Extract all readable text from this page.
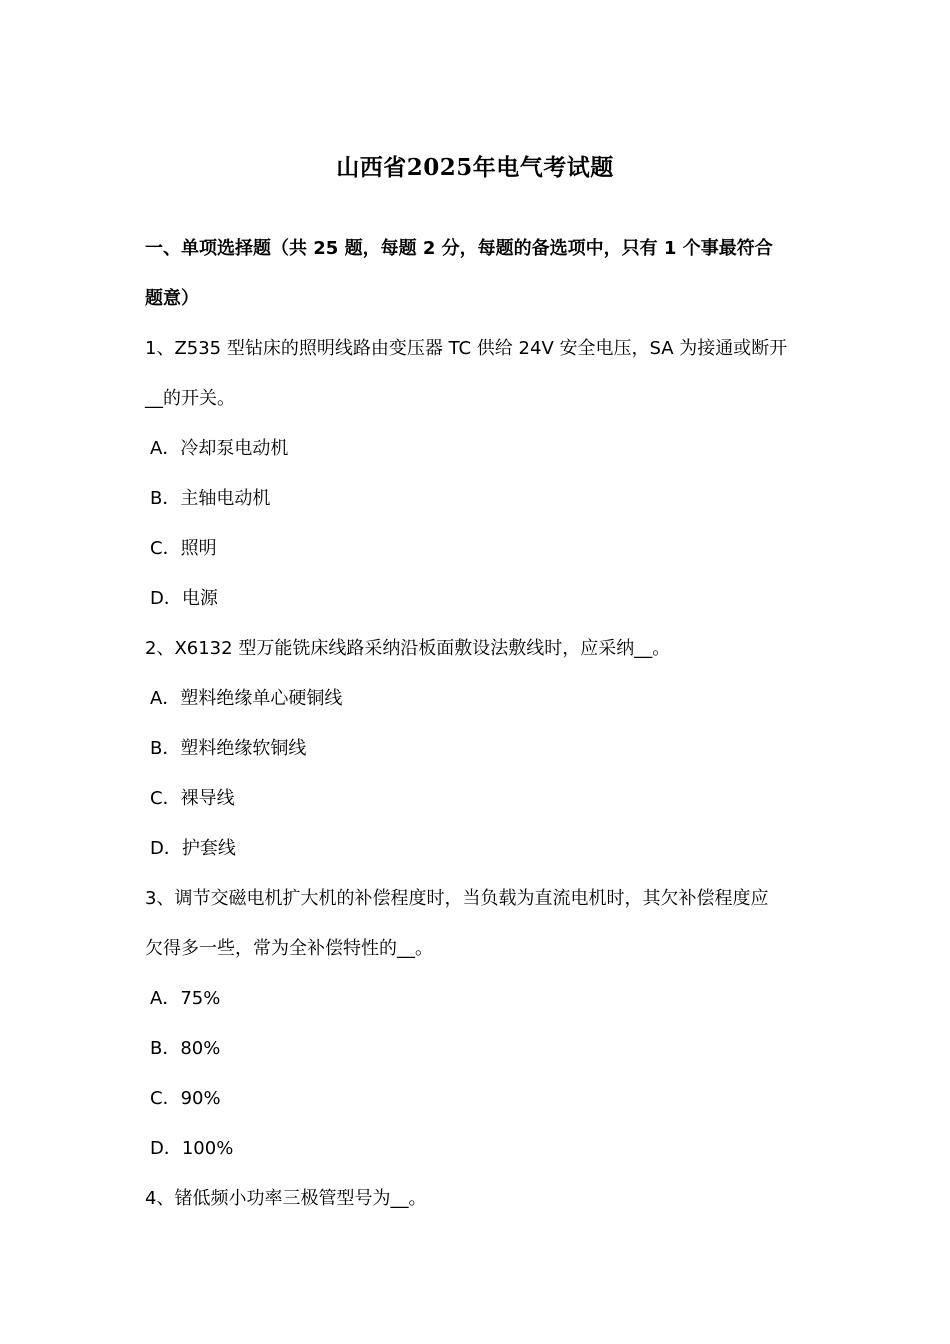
山西省2025年电气考试题
一、单项选择题（共 25 题，每题 2 分，每题的备选项中，只有 1 个事最符合
题意）
1、Z535 型钻床的照明线路由变压器 TC 供给 24V 安全电压，SA 为接通或断开
__的开关。
A．冷却泵电动机
B．主轴电动机
C．照明
D．电源
2、X6132 型万能铣床线路采纳沿板面敷设法敷线时，应采纳__。
A．塑料绝缘单心硬铜线
B．塑料绝缘软铜线
C．裸导线
D．护套线
3、调节交磁电机扩大机的补偿程度时，当负载为直流电机时，其欠补偿程度应
欠得多一些，常为全补偿特性的__。
A．75%
B．80%
C．90%
D．100%
4、锗低频小功率三极管型号为__。
